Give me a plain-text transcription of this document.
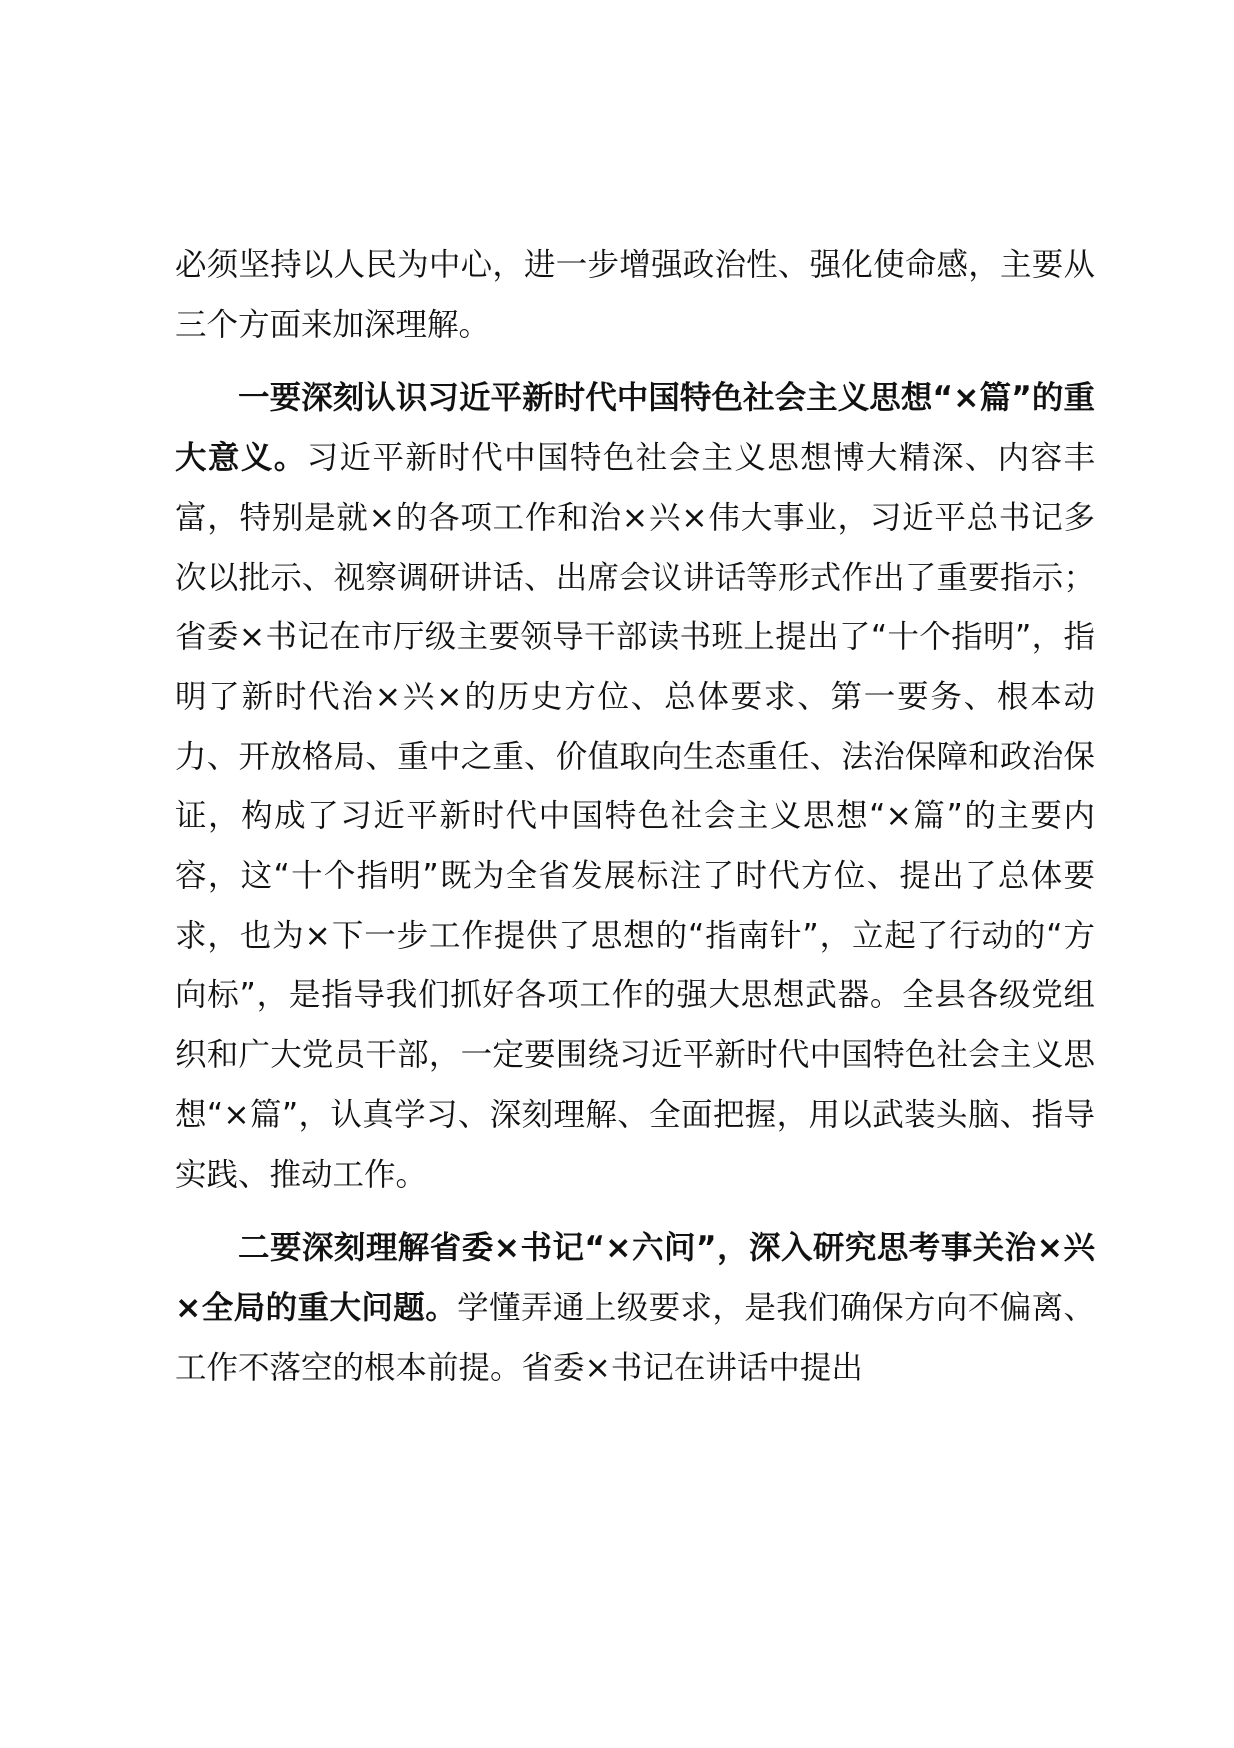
必须坚持以人民为中心，进一步增强政治性、强化使命感，主要从三个方面来加深理解。

一要深刻认识习近平新时代中国特色社会主义思想“×篇”的重大意义。习近平新时代中国特色社会主义思想博大精深、内容丰富，特别是就×的各项工作和治×兴×伟大事业，习近平总书记多次以批示、视察调研讲话、出席会议讲话等形式作出了重要指示；省委×书记在市厅级主要领导干部读书班上提出了“十个指明”，指明了新时代治×兴×的历史方位、总体要求、第一要务、根本动力、开放格局、重中之重、价值取向生态重任、法治保障和政治保证，构成了习近平新时代中国特色社会主义思想“×篇”的主要内容，这“十个指明”既为全省发展标注了时代方位、提出了总体要求，也为×下一步工作提供了思想的“指南针”，立起了行动的“方向标”，是指导我们抓好各项工作的强大思想武器。全县各级党组织和广大党员干部，一定要围绕习近平新时代中国特色社会主义思想“×篇”，认真学习、深刻理解、全面把握，用以武装头脑、指导实践、推动工作。

二要深刻理解省委×书记“×六问”，深入研究思考事关治×兴×全局的重大问题。学懂弄通上级要求，是我们确保方向不偏离、工作不落空的根本前提。省委×书记在讲话中提出
